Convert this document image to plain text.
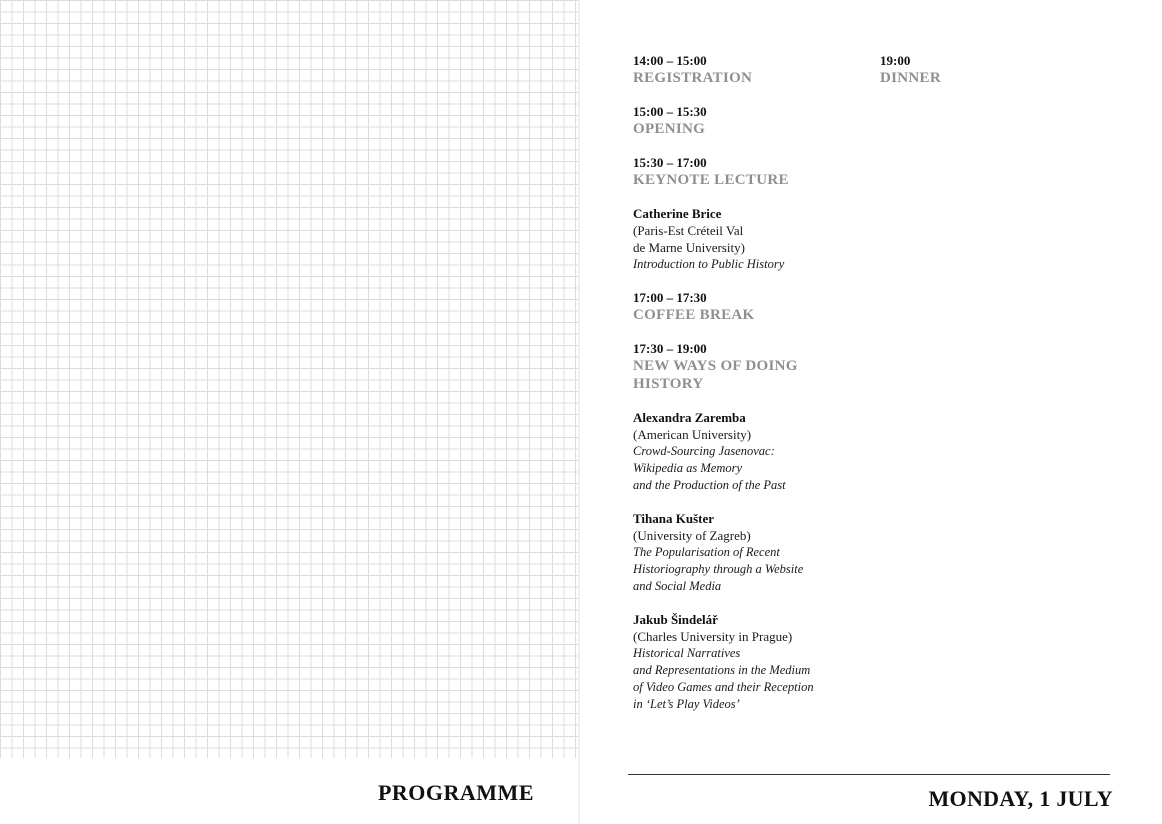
PROGRAMME
14:00 – 15:00
REGISTRATION
15:00 – 15:30
OPENING
15:30 – 17:00
KEYNOTE LECTURE
Catherine Brice
(Paris-Est Créteil Val
de Marne University)
Introduction to Public History
17:00 – 17:30
COFFEE BREAK
17:30 – 19:00
NEW WAYS OF DOING
HISTORY
Alexandra Zaremba
(American University)
Crowd-Sourcing Jasenovac:
Wikipedia as Memory
and the Production of the Past
Tihana Kušter
(University of Zagreb)
The Popularisation of Recent
Historiography through a Website
and Social Media
Jakub Šindelář
(Charles University in Prague)
Historical Narratives
and Representations in the Medium
of Video Games and their Reception
in ‘Let’s Play Videos’
19:00
DINNER
MONDAY, 1 JULY
